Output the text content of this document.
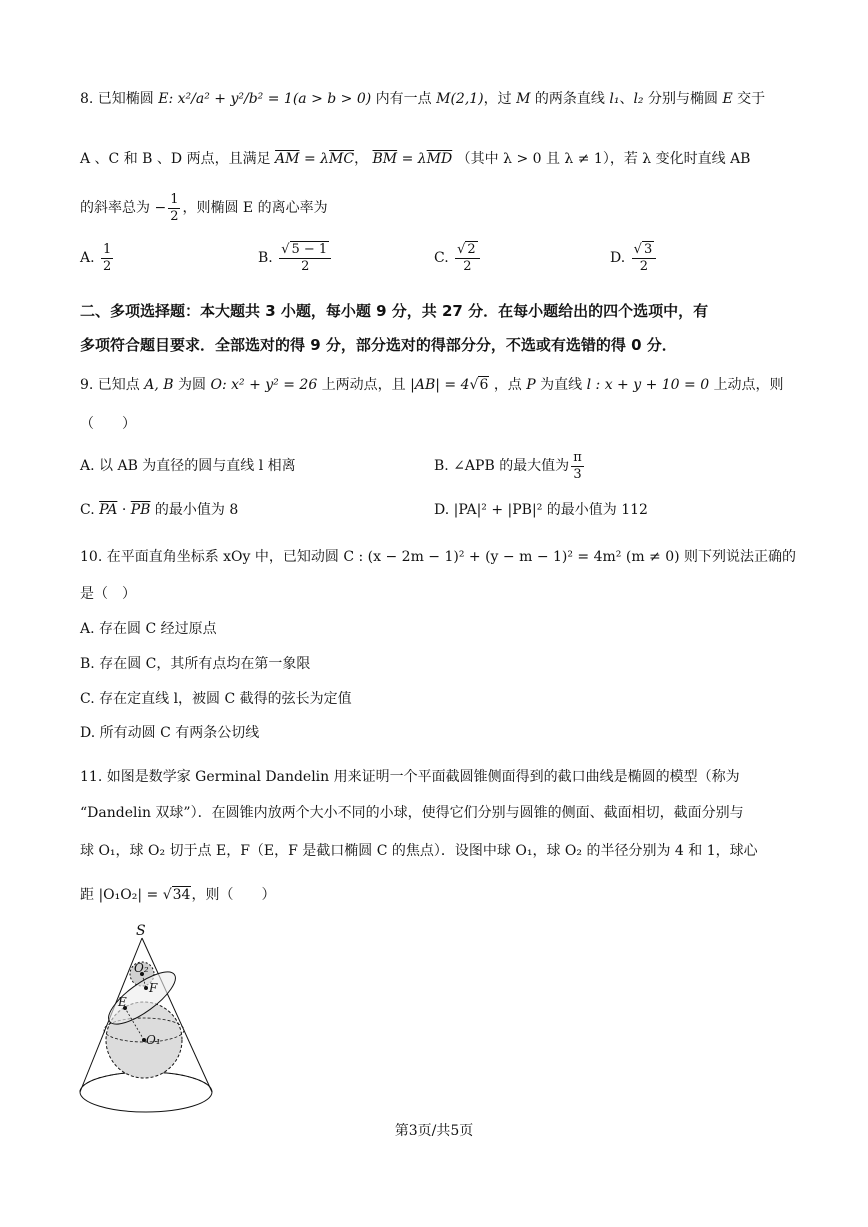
8. 已知椭圆 E: x²/a² + y²/b² = 1(a > b > 0) 内有一点 M(2,1)，过 M 的两条直线 l₁、l₂ 分别与椭圆 E 交于
A 、C 和 B 、D 两点，且满足 $\overline{AM} = \lambda\overline{MC}$， $\overline{BM} = \lambda\overline{MD}$ （其中 λ > 0 且 λ ≠ 1），若 λ 变化时直线 AB
的斜率总为 − $\frac{1}{2}$ ，则椭圆 E 的离心率为
A. $\frac{1}{2}$	B. $\frac{√ 5 - 1}{2}$	C. $\frac{√ 2}{2}$	D. $\frac{√ 3}{2}$
二、多项选择题：本大题共 3 小题，每小题 9 分，共 27 分．在每小题给出的四个选项中，有
多项符合题目要求．全部选对的得 9 分，部分选对的得部分分，不选或有选错的得 0 分．
9. 已知点 A, B 为圆 O: x² + y² = 26 上两动点，且 |AB| = 4√6 ，点 P 为直线 l : x + y + 10 = 0 上动点，则
（　　）
A. 以 AB 为直径的圆与直线 l 相离	B. ∠APB 的最大值为 $\frac{\pi}{3}$
C. $\overline{PA} \cdot \overline{PB}$ 的最小值为 8	D. |PA|² + |PB|² 的最小值为 112
10. 在平面直角坐标系 xOy 中，已知动圆 C : (x − 2m − 1)² + (y − m − 1)² = 4m² (m ≠ 0) 则下列说法正确的
是（　）
A. 存在圆 C 经过原点
B. 存在圆 C，其所有点均在第一象限
C. 存在定直线 l，被圆 C 截得的弦长为定值
D. 所有动圆 C 有两条公切线
11. 如图是数学家 Germinal Dandelin 用来证明一个平面截圆锥侧面得到的截口曲线是椭圆的模型（称为
“Dandelin 双球”）．在圆锥内放两个大小不同的小球，使得它们分别与圆锥的侧面、截面相切，截面分别与
球 O₁，球 O₂ 切于点 E，F（E，F 是截口椭圆 C 的焦点）．设图中球 O₁，球 O₂ 的半径分别为 4 和 1，球心
距 |O₁O₂| = √34，则（　　）
S
O₂
E
F
O₁
第3页/共5页
